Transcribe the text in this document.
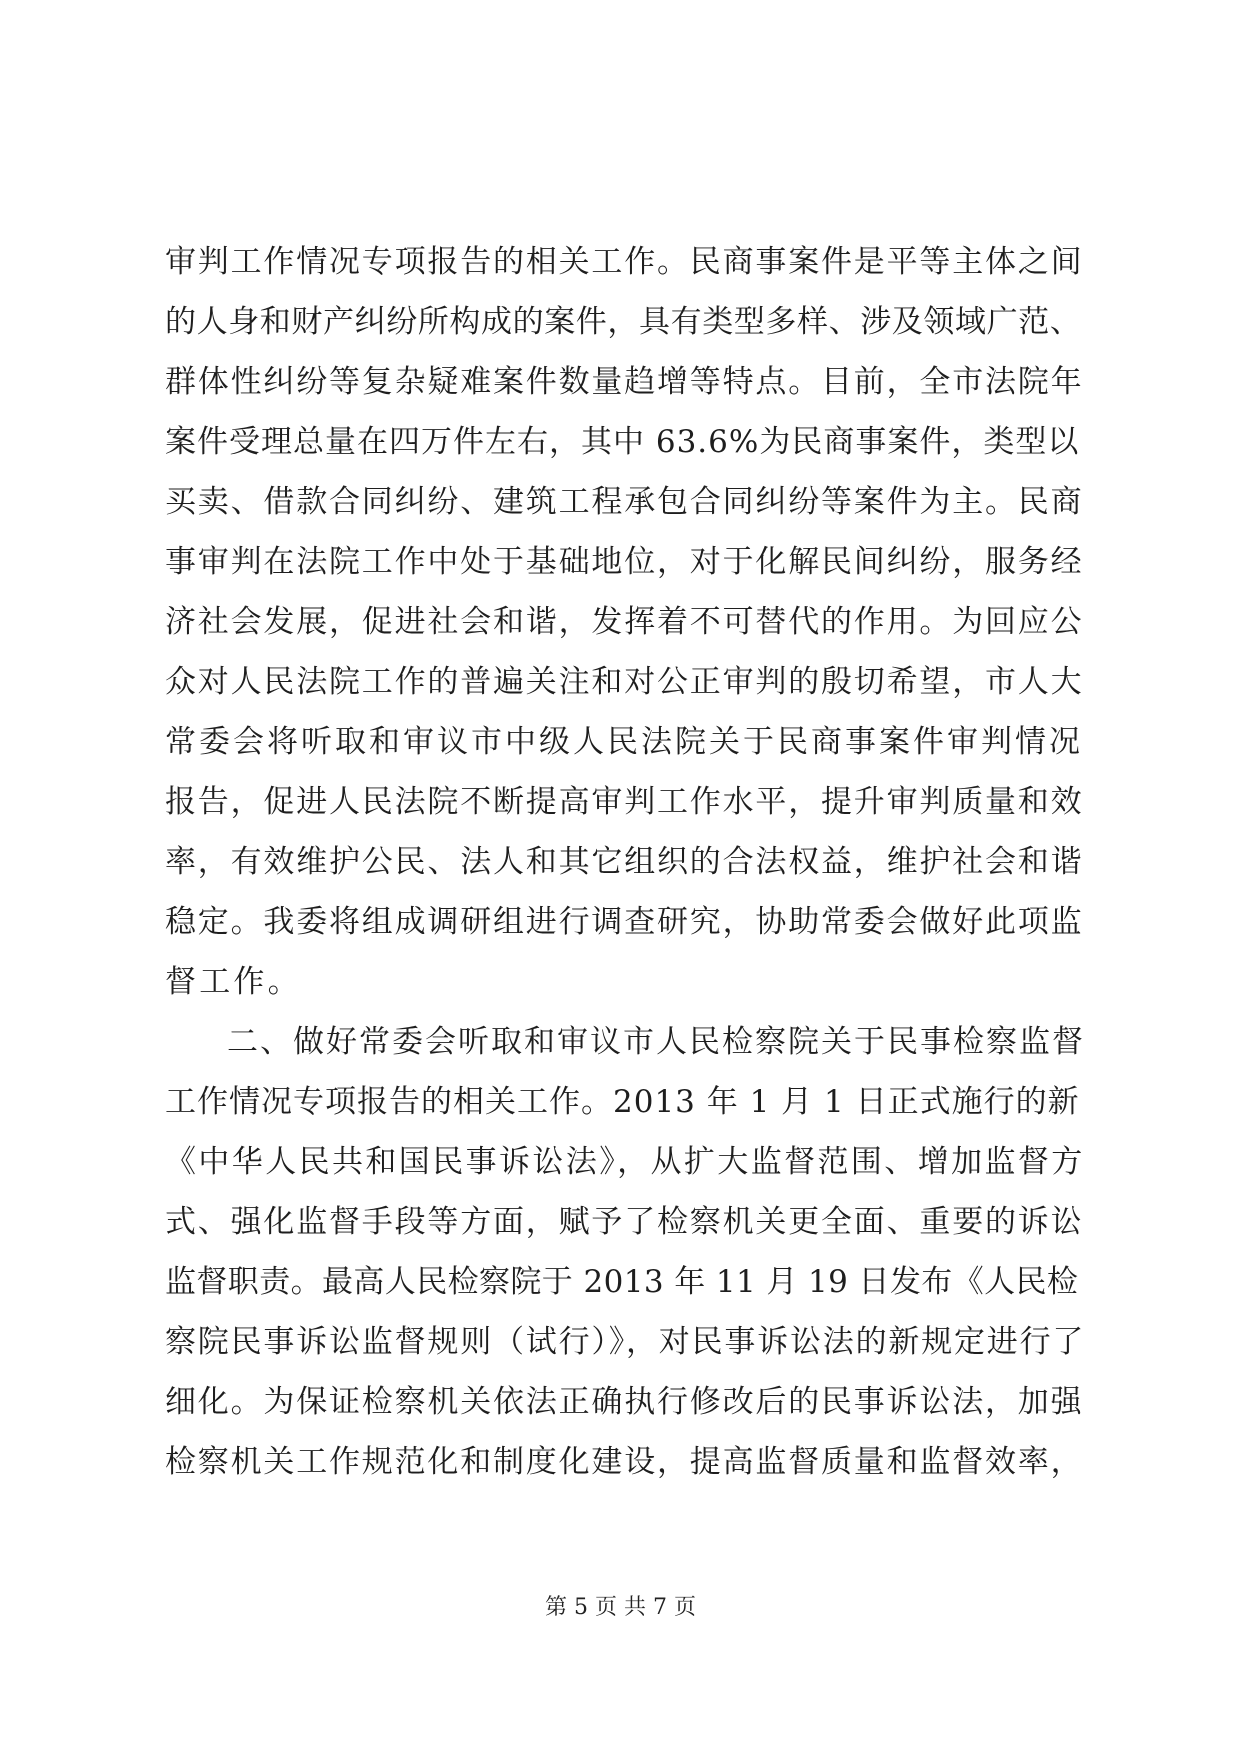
审判工作情况专项报告的相关工作。民商事案件是平等主体之间
的人身和财产纠纷所构成的案件，具有类型多样、涉及领域广范、
群体性纠纷等复杂疑难案件数量趋增等特点。目前，全市法院年
案件受理总量在四万件左右，其中 63.6%为民商事案件，类型以
买卖、借款合同纠纷、建筑工程承包合同纠纷等案件为主。民商
事审判在法院工作中处于基础地位，对于化解民间纠纷，服务经
济社会发展，促进社会和谐，发挥着不可替代的作用。为回应公
众对人民法院工作的普遍关注和对公正审判的殷切希望，市人大
常委会将听取和审议市中级人民法院关于民商事案件审判情况
报告，促进人民法院不断提高审判工作水平，提升审判质量和效
率，有效维护公民、法人和其它组织的合法权益，维护社会和谐
稳定。我委将组成调研组进行调查研究，协助常委会做好此项监
督工作。
二、做好常委会听取和审议市人民检察院关于民事检察监督
工作情况专项报告的相关工作。2013 年 1 月 1 日正式施行的新
《中华人民共和国民事诉讼法》，从扩大监督范围、增加监督方
式、强化监督手段等方面，赋予了检察机关更全面、重要的诉讼
监督职责。最高人民检察院于 2013 年 11 月 19 日发布《人民检
察院民事诉讼监督规则（试行）》，对民事诉讼法的新规定进行了
细化。为保证检察机关依法正确执行修改后的民事诉讼法，加强
检察机关工作规范化和制度化建设，提高监督质量和监督效率，
第 5 页 共 7 页
